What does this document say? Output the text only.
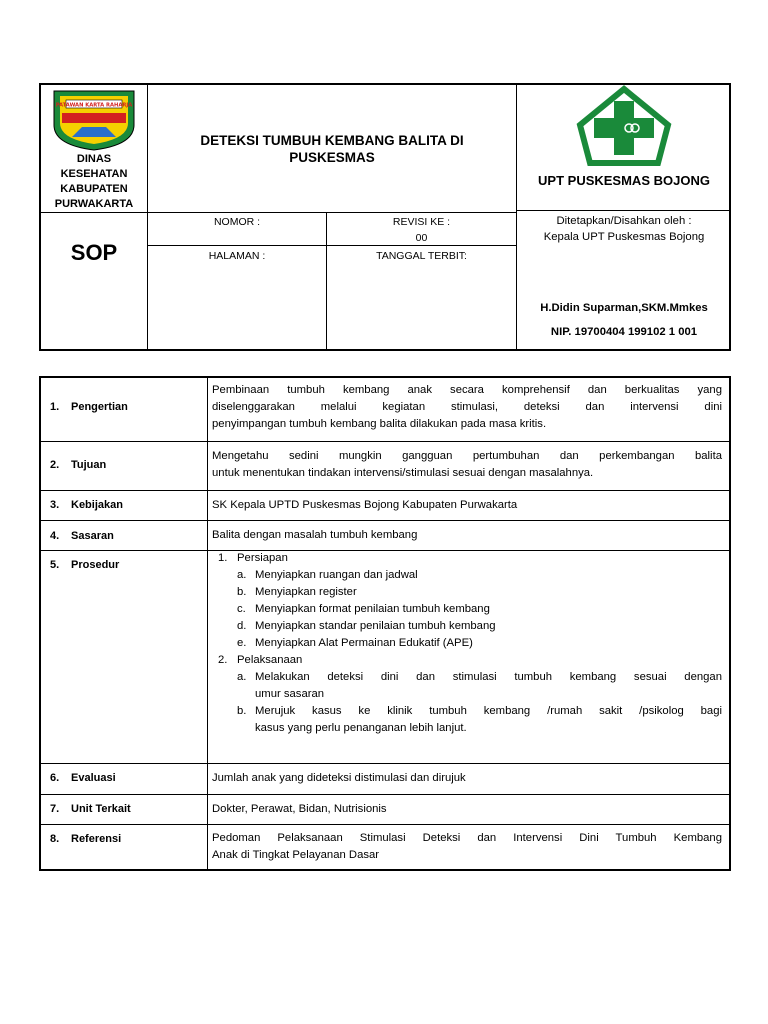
PATAWAN KARTA RAHARJA
DINAS
KESEHATAN
KABUPATEN
PURWAKARTA
DETEKSI TUMBUH KEMBANG BALITA DI
PUSKESMAS
UPT PUSKESMAS BOJONG
SOP
NOMOR :	REVISI KE :
00
HALAMAN :	TANGGAL TERBIT:
Ditetapkan/Disahkan oleh :
Kepala UPT Puskesmas Bojong
H.Didin Suparman,SKM.Mmkes
NIP. 19700404 199102 1 001
1. Pengertian
Pembinaan tumbuh kembang anak secara komprehensif dan berkualitas yang
diselenggarakan melalui kegiatan stimulasi, deteksi dan intervensi dini
penyimpangan tumbuh kembang balita dilakukan pada masa kritis.
2. Tujuan
Mengetahu sedini mungkin gangguan pertumbuhan dan perkembangan balita
untuk menentukan tindakan intervensi/stimulasi sesuai dengan masalahnya.
3. Kebijakan	SK Kepala UPTD Puskesmas Bojong Kabupaten Purwakarta
4. Sasaran	Balita dengan masalah tumbuh kembang
5. Prosedur
1. Persiapan
a. Menyiapkan ruangan dan jadwal
b. Menyiapkan register
c. Menyiapkan format penilaian tumbuh kembang
d. Menyiapkan standar penilaian tumbuh kembang
e. Menyiapkan Alat Permainan Edukatif (APE)
2. Pelaksanaan
a. Melakukan deteksi dini dan stimulasi tumbuh kembang sesuai dengan
umur sasaran
b. Merujuk kasus ke klinik tumbuh kembang /rumah sakit /psikolog bagi
kasus yang perlu penanganan lebih lanjut.
6. Evaluasi	Jumlah anak yang dideteksi distimulasi dan dirujuk
7. Unit Terkait	Dokter, Perawat, Bidan, Nutrisionis
8. Referensi	Pedoman Pelaksanaan Stimulasi Deteksi dan Intervensi Dini Tumbuh Kembang
Anak di Tingkat Pelayanan Dasar
